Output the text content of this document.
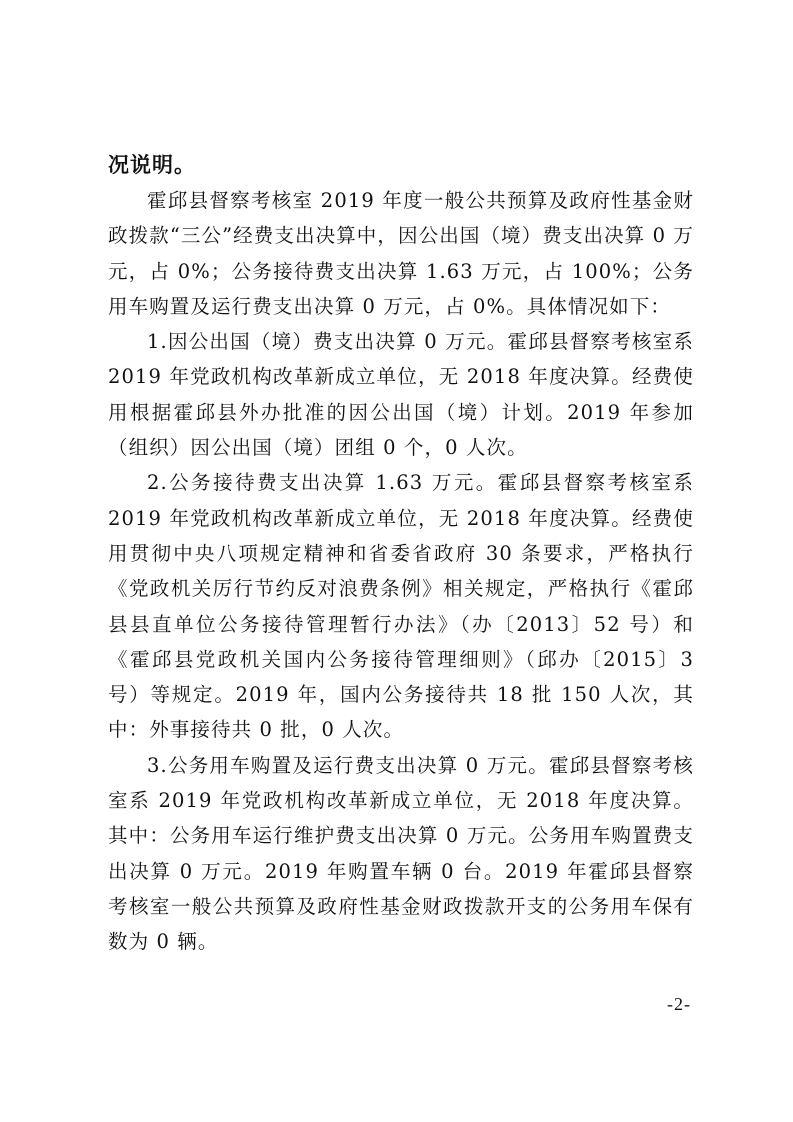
况说明。

霍邱县督察考核室 2019 年度一般公共预算及政府性基金财政拨款“三公”经费支出决算中，因公出国（境）费支出决算 0 万元，占 0%；公务接待费支出决算 1.63 万元，占 100%；公务用车购置及运行费支出决算 0 万元，占 0%。具体情况如下：

1.因公出国（境）费支出决算 0 万元。霍邱县督察考核室系 2019 年党政机构改革新成立单位，无 2018 年度决算。经费使用根据霍邱县外办批准的因公出国（境）计划。2019 年参加（组织）因公出国（境）团组 0 个，0 人次。

2.公务接待费支出决算 1.63 万元。霍邱县督察考核室系 2019 年党政机构改革新成立单位，无 2018 年度决算。经费使用贯彻中央八项规定精神和省委省政府 30 条要求，严格执行《党政机关厉行节约反对浪费条例》相关规定，严格执行《霍邱县县直单位公务接待管理暂行办法》（办〔2013〕52 号）和《霍邱县党政机关国内公务接待管理细则》（邱办〔2015〕3 号）等规定。2019 年，国内公务接待共 18 批 150 人次，其中：外事接待共 0 批，0 人次。

3.公务用车购置及运行费支出决算 0 万元。霍邱县督察考核室系 2019 年党政机构改革新成立单位，无 2018 年度决算。其中：公务用车运行维护费支出决算 0 万元。公务用车购置费支出决算 0 万元。2019 年购置车辆 0 台。2019 年霍邱县督察考核室一般公共预算及政府性基金财政拨款开支的公务用车保有数为 0 辆。

-2-
